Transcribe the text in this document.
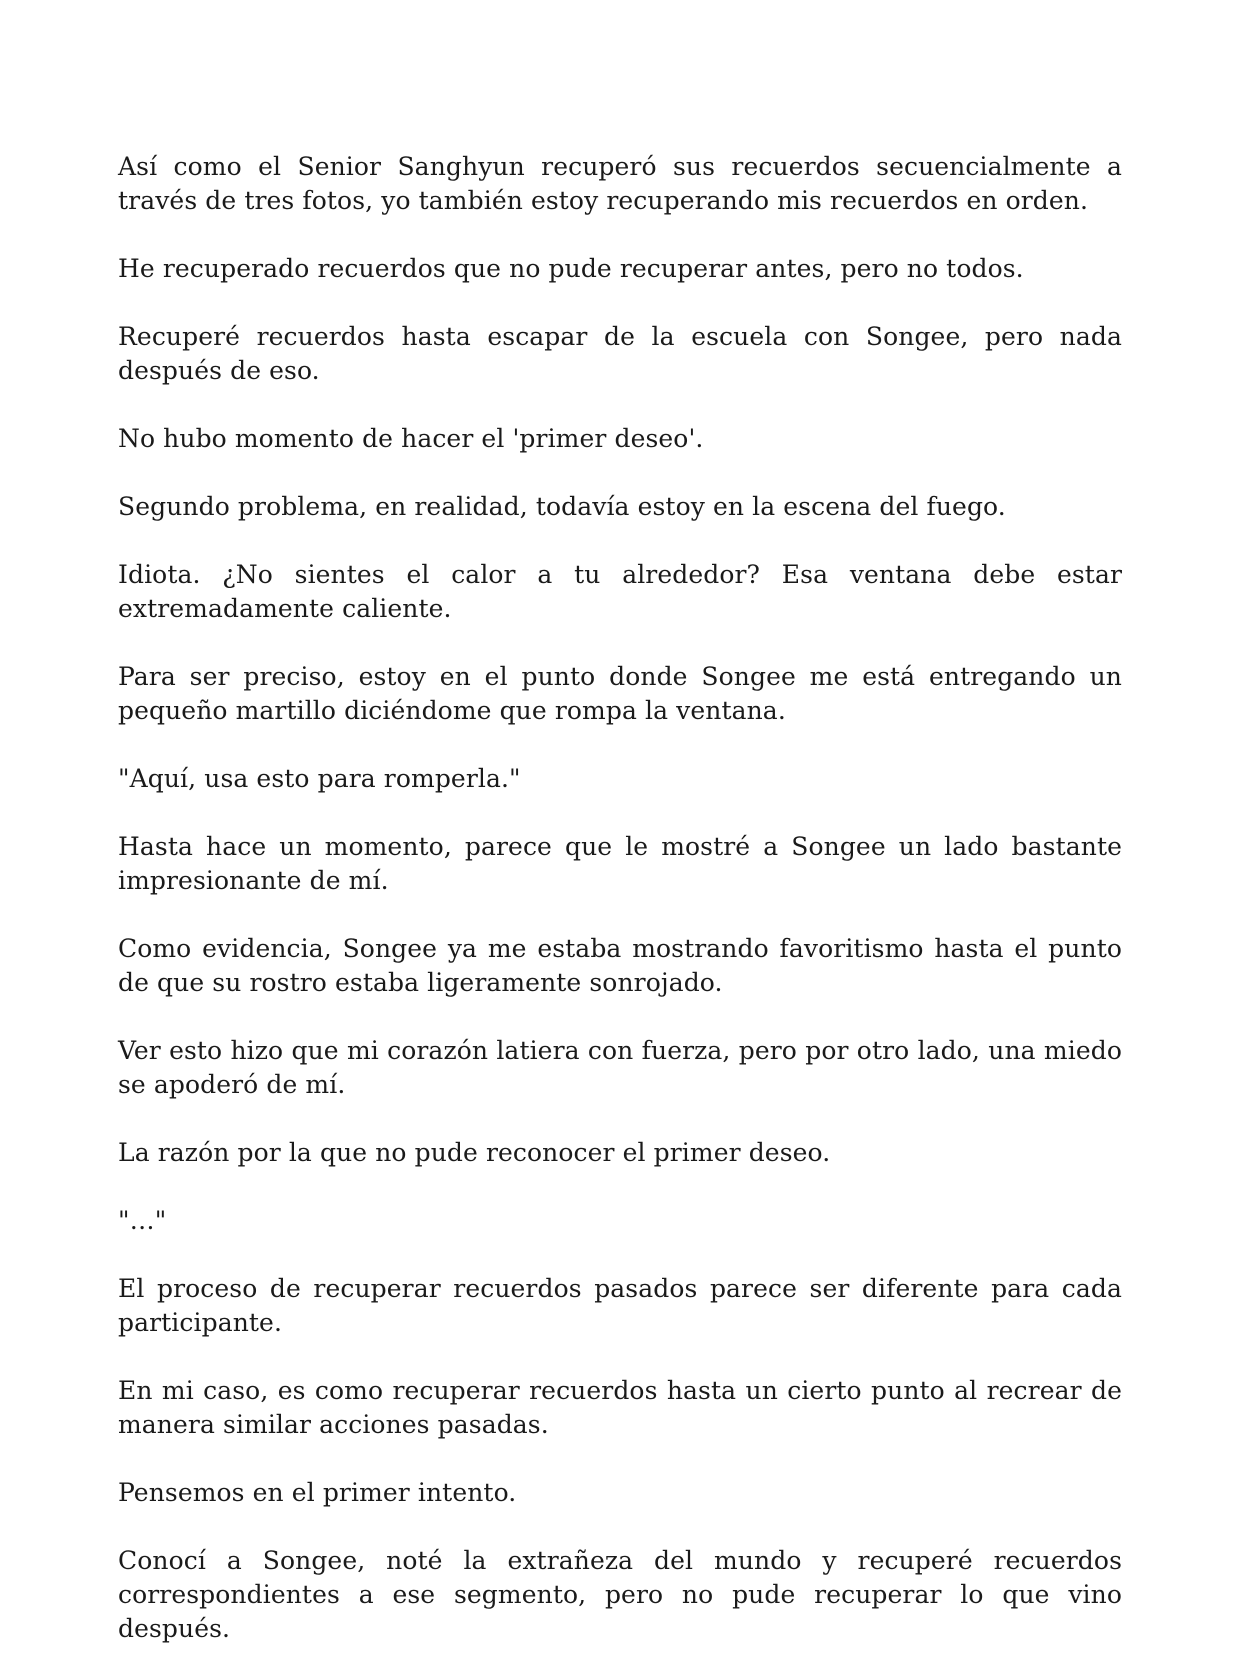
Así como el Senior Sanghyun recuperó sus recuerdos secuencialmente a través de tres fotos, yo también estoy recuperando mis recuerdos en orden.

He recuperado recuerdos que no pude recuperar antes, pero no todos.

Recuperé recuerdos hasta escapar de la escuela con Songee, pero nada después de eso.

No hubo momento de hacer el 'primer deseo'.

Segundo problema, en realidad, todavía estoy en la escena del fuego.

Idiota. ¿No sientes el calor a tu alrededor? Esa ventana debe estar extremadamente caliente.

Para ser preciso, estoy en el punto donde Songee me está entregando un pequeño martillo diciéndome que rompa la ventana.

"Aquí, usa esto para romperla."

Hasta hace un momento, parece que le mostré a Songee un lado bastante impresionante de mí.

Como evidencia, Songee ya me estaba mostrando favoritismo hasta el punto de que su rostro estaba ligeramente sonrojado.

Ver esto hizo que mi corazón latiera con fuerza, pero por otro lado, una miedo se apoderó de mí.

La razón por la que no pude reconocer el primer deseo.

"…"

El proceso de recuperar recuerdos pasados parece ser diferente para cada participante.

En mi caso, es como recuperar recuerdos hasta un cierto punto al recrear de manera similar acciones pasadas.

Pensemos en el primer intento.

Conocí a Songee, noté la extrañeza del mundo y recuperé recuerdos correspondientes a ese segmento, pero no pude recuperar lo que vino después.
